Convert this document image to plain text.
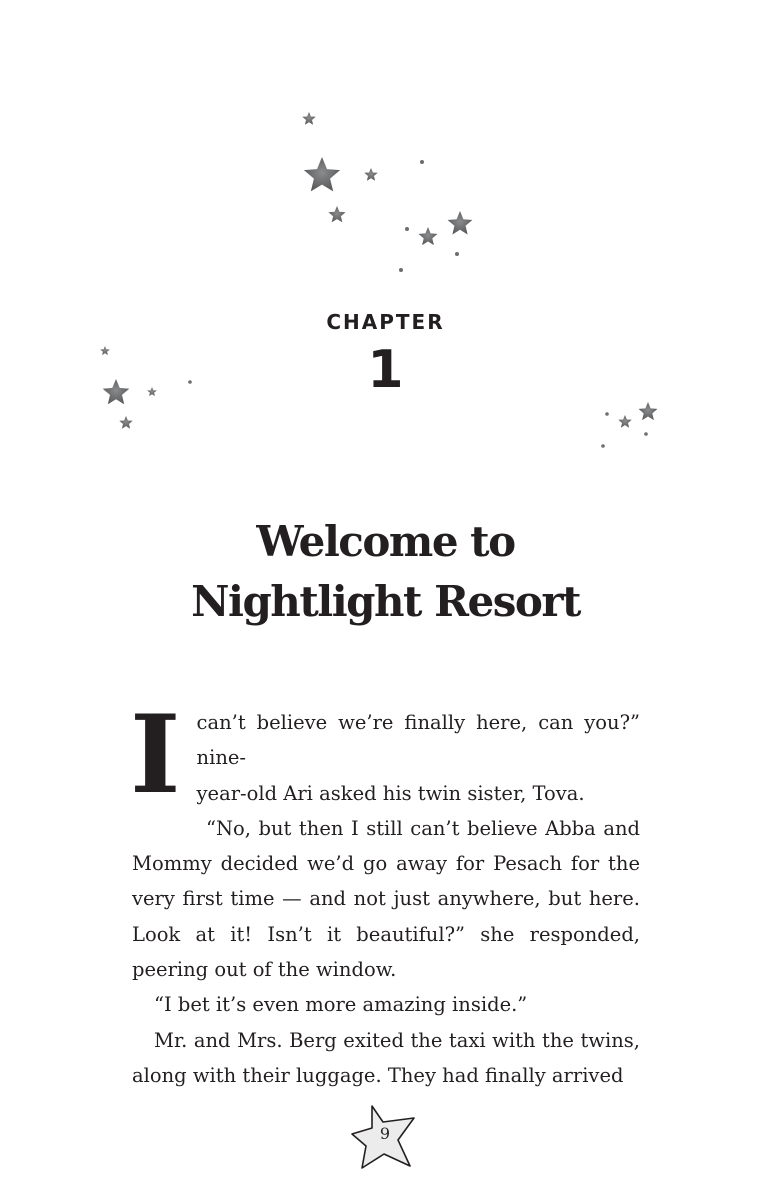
CHAPTER
1
Welcome to
Nightlight Resort

I can’t believe we’re finally here, can you?” nine-
year-old Ari asked his twin sister, Tova.

“No, but then I still can’t believe Abba and Mommy decided we’d go away for Pesach for the very first time — and not just anywhere, but here. Look at it! Isn’t it beautiful?” she responded, peering out of the window.

“I bet it’s even more amazing inside.”

Mr. and Mrs. Berg exited the taxi with the twins, along with their luggage. They had finally arrived

9
